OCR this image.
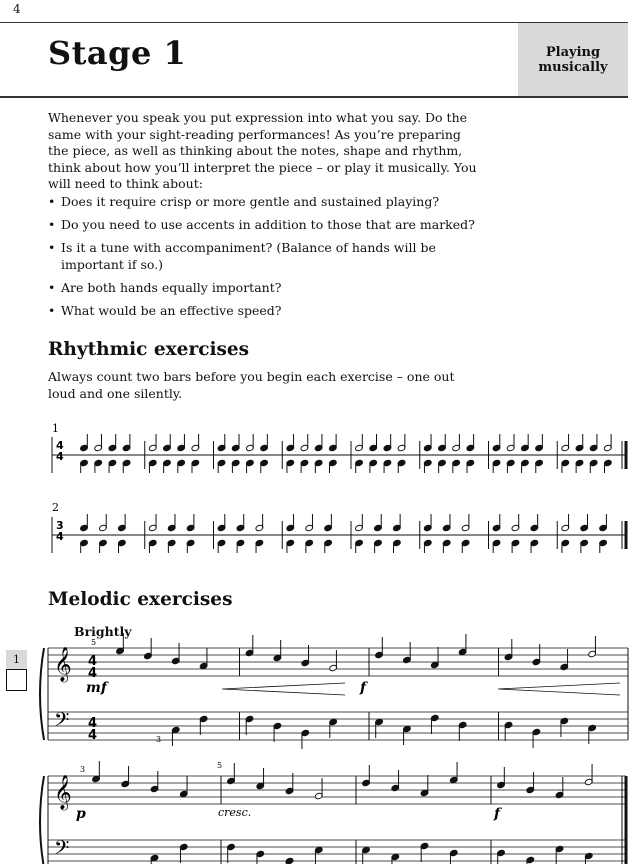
4
Stage 1	Playing
musically
Whenever you speak you put expression into what you say. Do the same with your sight-reading performances! As you’re preparing the piece, as well as thinking about the notes, shape and rhythm, think about how you’ll interpret the piece – or play it musically. You will need to think about:
• Does it require crisp or more gentle and sustained playing?
• Do you need to use accents in addition to those that are marked?
• Is it a tune with accompaniment? (Balance of hands will be important if so.)
• Are both hands equally important?
• What would be an effective speed?
Rhythmic exercises
Always count two bars before you begin each exercise – one out loud and one silently.
Melodic exercises
1
Brightly
𝄞
𝄢
𝄞
𝄢
1
2
4
4
3
4
4
4
4
4
5
3
mf	f
3	5
p	cresc.	f
